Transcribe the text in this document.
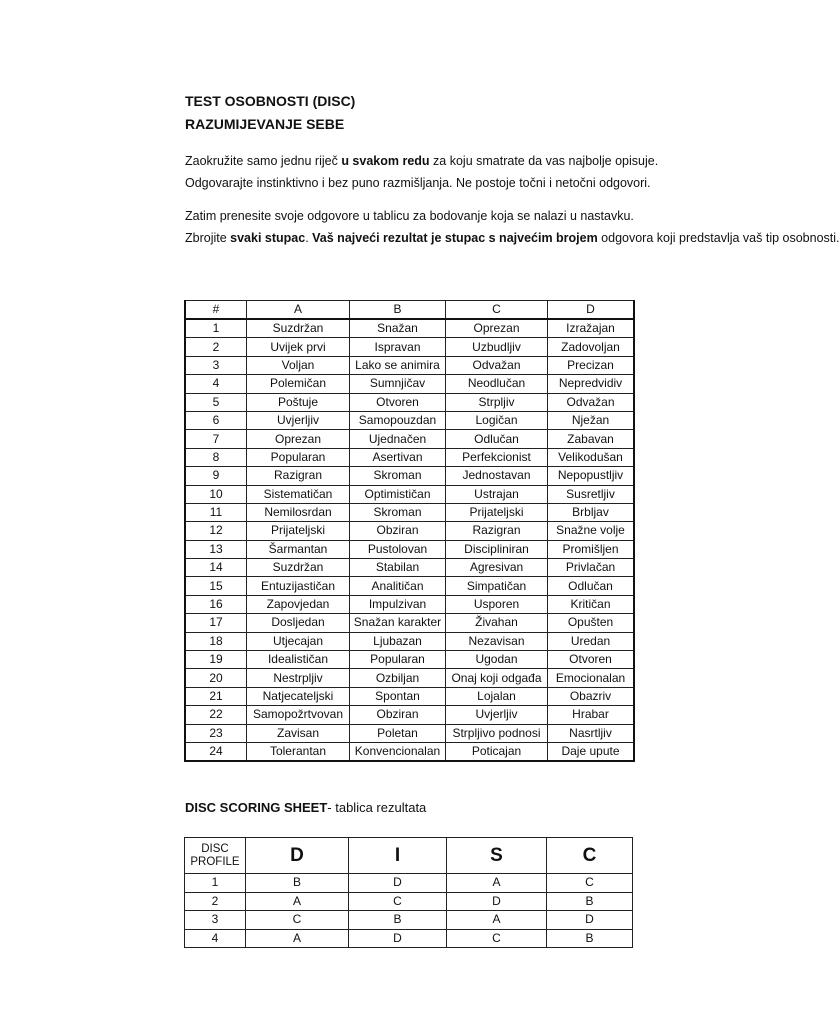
TEST OSOBNOSTI (DISC)
RAZUMIJEVANJE SEBE
Zaokružite samo jednu riječ u svakom redu za koju smatrate da vas najbolje opisuje.
Odgovarajte instinktivno i bez puno razmišljanja. Ne postoje točni i netočni odgovori.
Zatim prenesite svoje odgovore u tablicu za bodovanje koja se nalazi u nastavku.
Zbrojite svaki stupac. Vaš najveći rezultat je stupac s najvećim brojem odgovora koji predstavlja vaš tip osobnosti.
#	A	B	C	D
1	Suzdržan	Snažan	Oprezan	Izražajan
2	Uvijek prvi	Ispravan	Uzbudljiv	Zadovoljan
3	Voljan	Lako se animira	Odvažan	Precizan
4	Polemičan	Sumnjičav	Neodlučan	Nepredvidiv
5	Poštuje	Otvoren	Strpljiv	Odvažan
6	Uvjerljiv	Samopouzdan	Logičan	Nježan
7	Oprezan	Ujednačen	Odlučan	Zabavan
8	Popularan	Asertivan	Perfekcionist	Velikodušan
9	Razigran	Skroman	Jednostavan	Nepopustljiv
10	Sistematičan	Optimističan	Ustrajan	Susretljiv
11	Nemilosrdan	Skroman	Prijateljski	Brbljav
12	Prijateljski	Obziran	Razigran	Snažne volje
13	Šarmantan	Pustolovan	Discipliniran	Promišljen
14	Suzdržan	Stabilan	Agresivan	Privlačan
15	Entuzijastičan	Analitičan	Simpatičan	Odlučan
16	Zapovjedan	Impulzivan	Usporen	Kritičan
17	Dosljedan	Snažan karakter	Živahan	Opušten
18	Utjecajan	Ljubazan	Nezavisan	Uredan
19	Idealističan	Popularan	Ugodan	Otvoren
20	Nestrpljiv	Ozbiljan	Onaj koji odgađa	Emocionalan
21	Natjecateljski	Spontan	Lojalan	Obazriv
22	Samopožrtvovan	Obziran	Uvjerljiv	Hrabar
23	Zavisan	Poletan	Strpljivo podnosi	Nasrtljiv
24	Tolerantan	Konvencionalan	Poticajan	Daje upute
DISC SCORING SHEET- tablica rezultata
DISC
PROFILE	D	I	S	C
1	B	D	A	C
2	A	C	D	B
3	C	B	A	D
4	A	D	C	B
